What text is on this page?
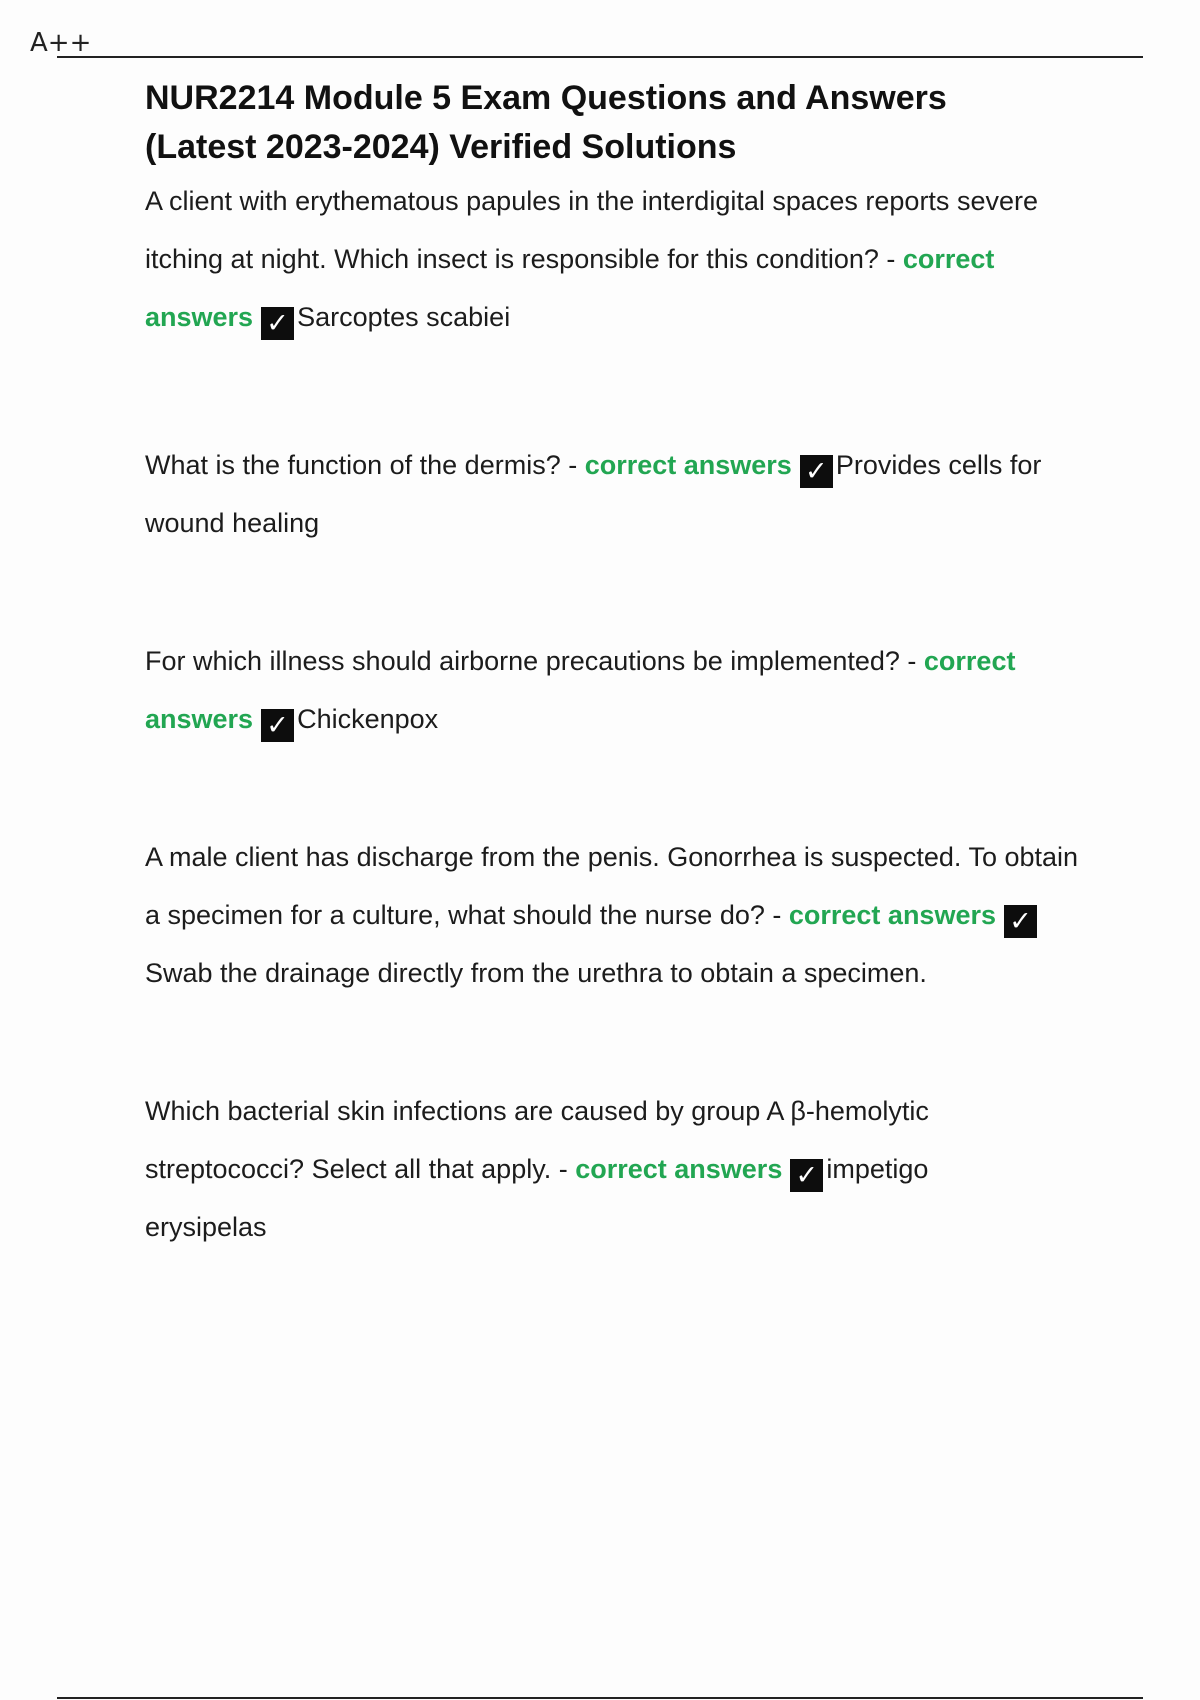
A++
NUR2214 Module 5 Exam Questions and Answers
(Latest 2023-2024) Verified Solutions

A client with erythematous papules in the interdigital spaces reports severe itching at night. Which insect is responsible for this condition? - correct answers ✓ Sarcoptes scabiei

What is the function of the dermis? - correct answers ✓ Provides cells for wound healing

For which illness should airborne precautions be implemented? - correct answers ✓ Chickenpox

A male client has discharge from the penis. Gonorrhea is suspected. To obtain a specimen for a culture, what should the nurse do? - correct answers ✓Swab the drainage directly from the urethra to obtain a specimen.

Which bacterial skin infections are caused by group A β-hemolytic streptococci? Select all that apply. - correct answers ✓ impetigo

erysipelas
